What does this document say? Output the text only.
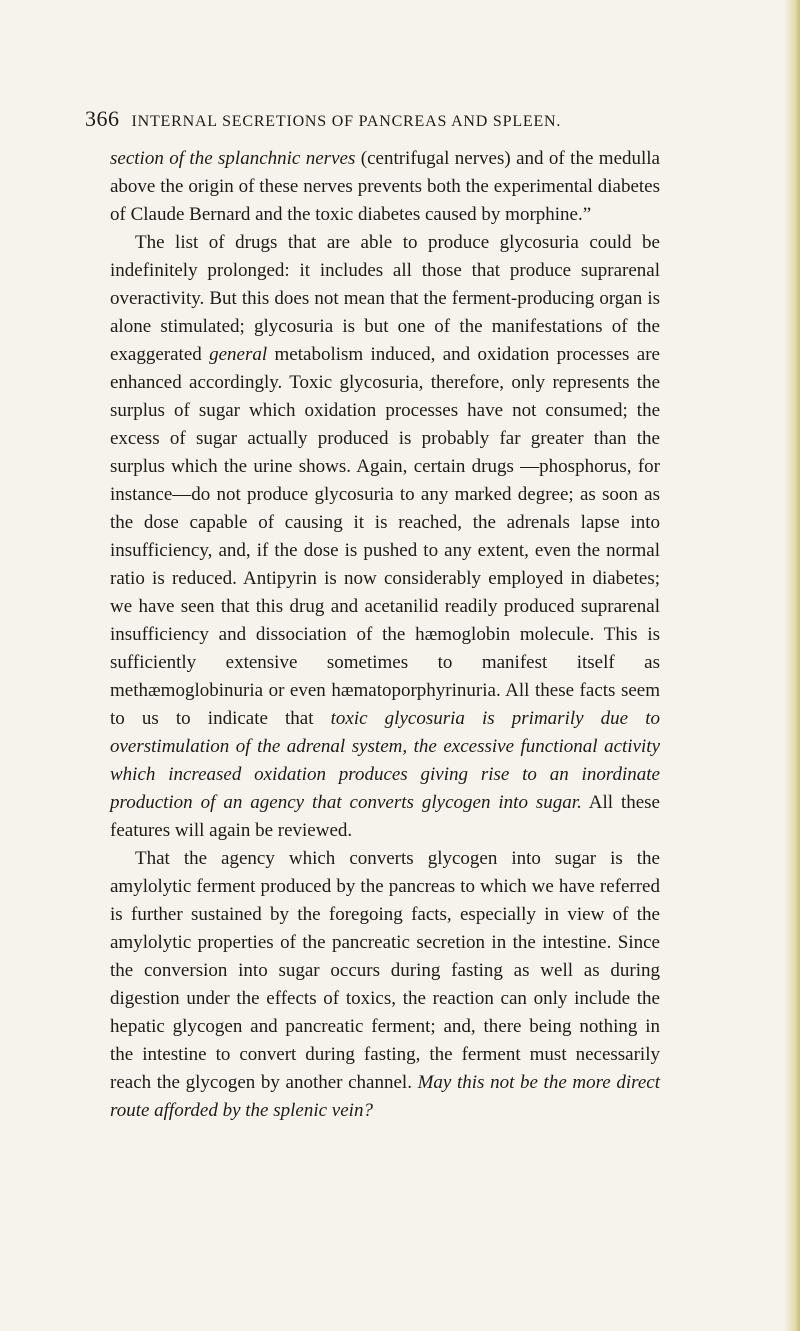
366 INTERNAL SECRETIONS OF PANCREAS AND SPLEEN.

section of the splanchnic nerves (centrifugal nerves) and of the medulla above the origin of these nerves prevents both the experimental diabetes of Claude Bernard and the toxic diabetes caused by morphine.”

The list of drugs that are able to produce glycosuria could be indefinitely prolonged: it includes all those that produce suprarenal overactivity. But this does not mean that the ferment-producing organ is alone stimulated; glycosuria is but one of the manifestations of the exaggerated general metabolism induced, and oxidation processes are enhanced accordingly. Toxic glycosuria, therefore, only represents the surplus of sugar which oxidation processes have not consumed; the excess of sugar actually produced is probably far greater than the surplus which the urine shows. Again, certain drugs —phosphorus, for instance—do not produce glycosuria to any marked degree; as soon as the dose capable of causing it is reached, the adrenals lapse into insufficiency, and, if the dose is pushed to any extent, even the normal ratio is reduced. Antipyrin is now considerably employed in diabetes; we have seen that this drug and acetanilid readily produced suprarenal insufficiency and dissociation of the hæmoglobin molecule. This is sufficiently extensive sometimes to manifest itself as methæmoglobinuria or even hæmatoporphyrinuria. All these facts seem to us to indicate that toxic glycosuria is primarily due to overstimulation of the adrenal system, the excessive functional activity which increased oxidation produces giving rise to an inordinate production of an agency that converts glycogen into sugar. All these features will again be reviewed.

That the agency which converts glycogen into sugar is the amylolytic ferment produced by the pancreas to which we have referred is further sustained by the foregoing facts, especially in view of the amylolytic properties of the pancreatic secretion in the intestine. Since the conversion into sugar occurs during fasting as well as during digestion under the effects of toxics, the reaction can only include the hepatic glycogen and pancreatic ferment; and, there being nothing in the intestine to convert during fasting, the ferment must necessarily reach the glycogen by another channel. May this not be the more direct route afforded by the splenic vein?
